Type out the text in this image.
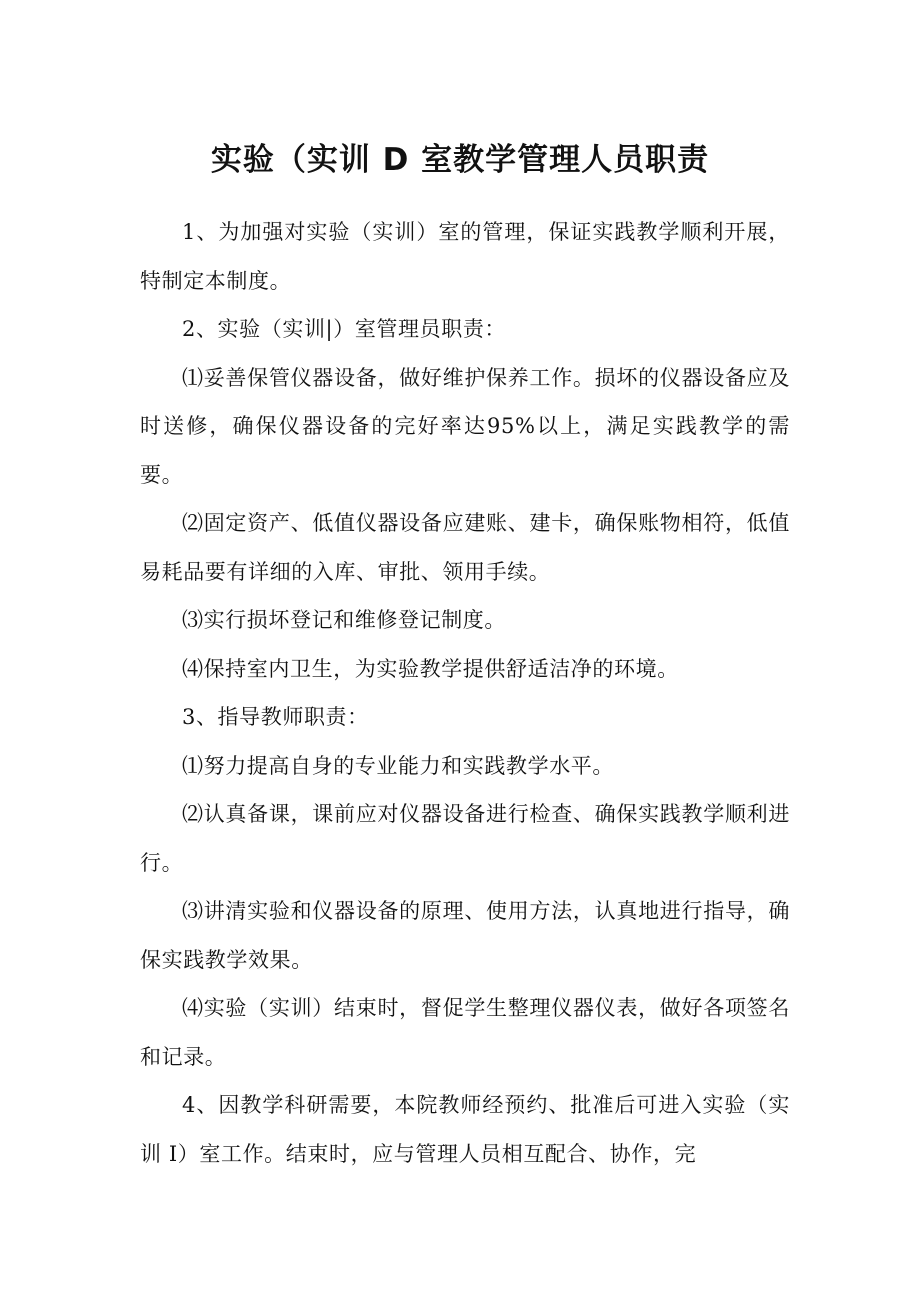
实验（实训 D 室教学管理人员职责

1、为加强对实验（实训）室的管理，保证实践教学顺利开展，特制定本制度。

2、实验（实训|）室管理员职责：

⑴妥善保管仪器设备，做好维护保养工作。损坏的仪器设备应及时送修，确保仪器设备的完好率达95%以上，满足实践教学的需要。

⑵固定资产、低值仪器设备应建账、建卡，确保账物相符，低值易耗品要有详细的入库、审批、领用手续。

⑶实行损坏登记和维修登记制度。

⑷保持室内卫生，为实验教学提供舒适洁净的环境。

3、指导教师职责：

⑴努力提高自身的专业能力和实践教学水平。

⑵认真备课，课前应对仪器设备进行检查、确保实践教学顺利进行。

⑶讲清实验和仪器设备的原理、使用方法，认真地进行指导，确保实践教学效果。

⑷实验（实训）结束时，督促学生整理仪器仪表，做好各项签名和记录。

4、因教学科研需要，本院教师经预约、批准后可进入实验（实训 I）室工作。结束时，应与管理人员相互配合、协作，完
